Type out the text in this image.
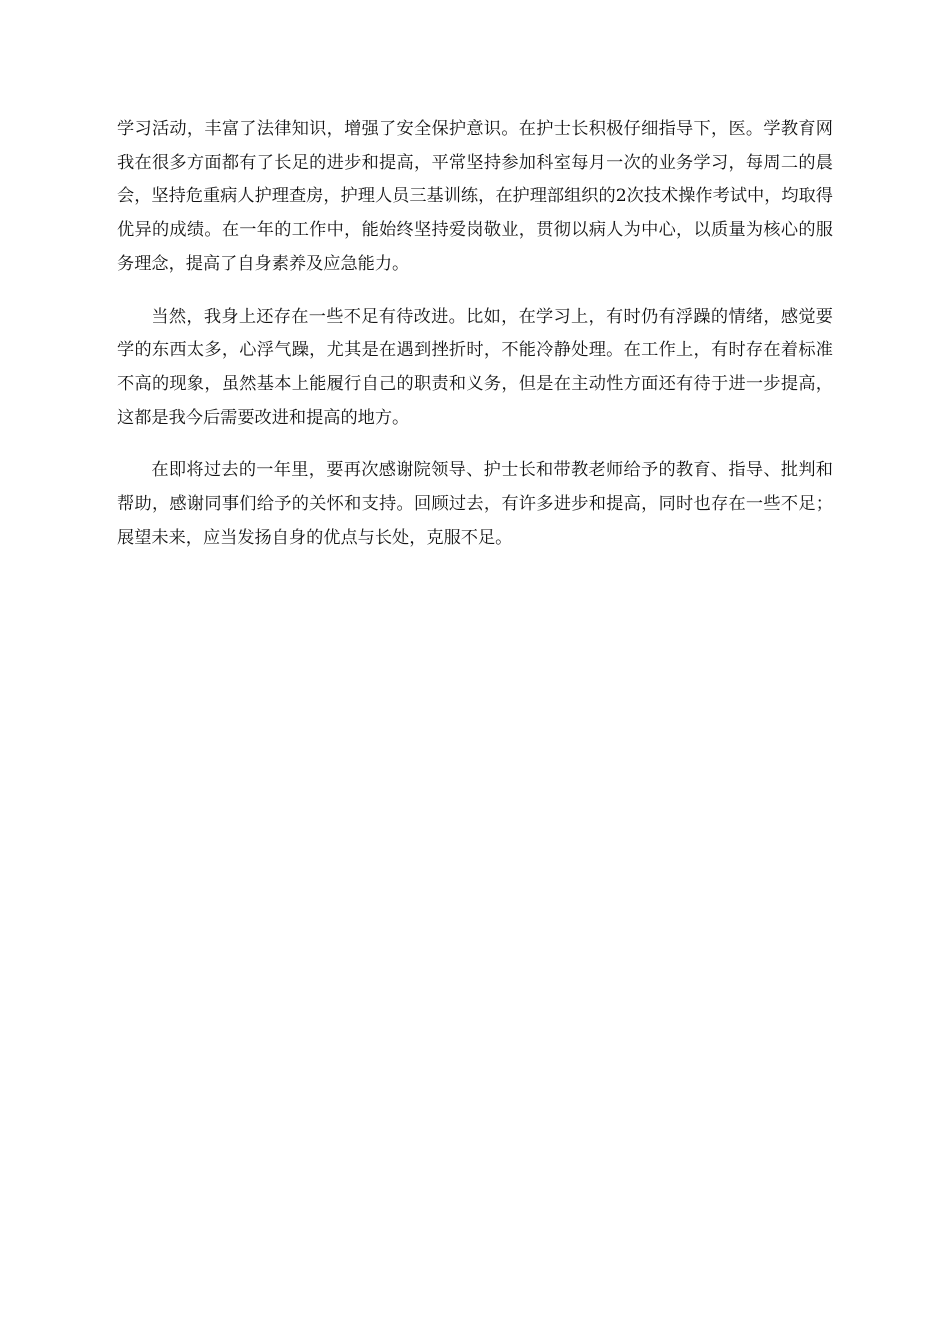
学习活动，丰富了法律知识，增强了安全保护意识。在护士长积极仔细指导下，医。学教育网我在很多方面都有了长足的进步和提高，平常坚持参加科室每月一次的业务学习，每周二的晨会，坚持危重病人护理查房，护理人员三基训练，在护理部组织的2次技术操作考试中，均取得优异的成绩。在一年的工作中，能始终坚持爱岗敬业，贯彻以病人为中心，以质量为核心的服务理念，提高了自身素养及应急能力。

当然，我身上还存在一些不足有待改进。比如，在学习上，有时仍有浮躁的情绪，感觉要学的东西太多，心浮气躁，尤其是在遇到挫折时，不能冷静处理。在工作上，有时存在着标准不高的现象，虽然基本上能履行自己的职责和义务，但是在主动性方面还有待于进一步提高，这都是我今后需要改进和提高的地方。

在即将过去的一年里，要再次感谢院领导、护士长和带教老师给予的教育、指导、批判和帮助，感谢同事们给予的关怀和支持。回顾过去，有许多进步和提高，同时也存在一些不足；展望未来，应当发扬自身的优点与长处，克服不足。
